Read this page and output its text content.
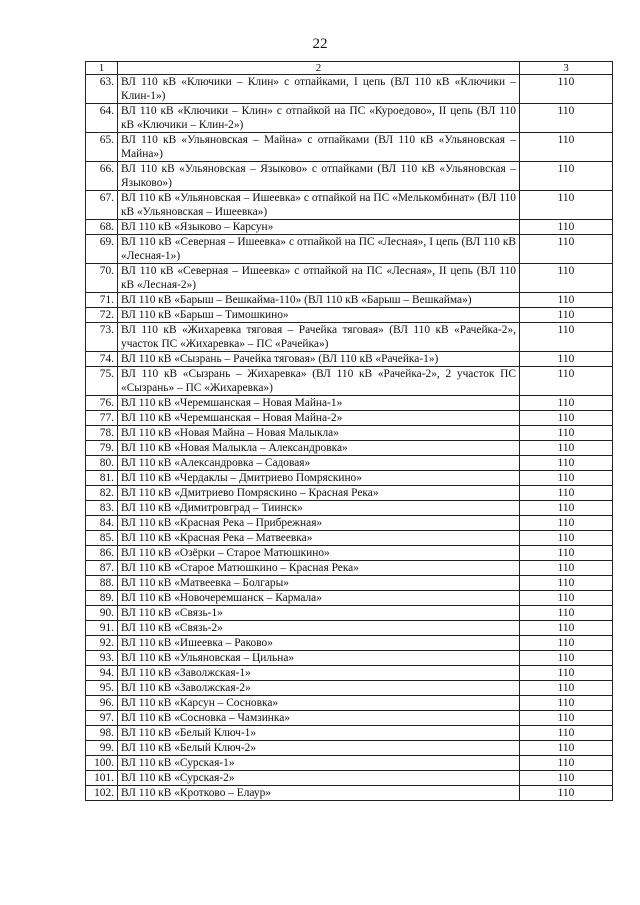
22
1	2	3
63.	ВЛ 110 кВ «Ключики – Клин» с отпайками, I цепь (ВЛ 110 кВ «Ключики – Клин-1»)	110
64.	ВЛ 110 кВ «Ключики – Клин» с отпайкой на ПС «Куроедово», II цепь (ВЛ 110 кВ «Ключики – Клин-2»)	110
65.	ВЛ 110 кВ «Ульяновская – Майна» с отпайками (ВЛ 110 кВ «Ульяновская – Майна»)	110
66.	ВЛ 110 кВ «Ульяновская – Языково» с отпайками (ВЛ 110 кВ «Ульяновская – Языково»)	110
67.	ВЛ 110 кВ «Ульяновская – Ишеевка» с отпайкой на ПС «Мелькомбинат» (ВЛ 110 кВ «Ульяновская – Ишеевка»)	110
68.	ВЛ 110 кВ «Языково – Карсун»	110
69.	ВЛ 110 кВ «Северная – Ишеевка» с отпайкой на ПС «Лесная», I цепь (ВЛ 110 кВ «Лесная-1»)	110
70.	ВЛ 110 кВ «Северная – Ишеевка» с отпайкой на ПС «Лесная», II цепь (ВЛ 110 кВ «Лесная-2»)	110
71.	ВЛ 110 кВ «Барыш – Вешкайма-110» (ВЛ 110 кВ «Барыш – Вешкайма»)	110
72.	ВЛ 110 кВ «Барыш – Тимошкино»	110
73.	ВЛ 110 кВ «Жихаревка тяговая – Рачейка тяговая» (ВЛ 110 кВ «Рачейка-2», участок ПС «Жихаревка» – ПС «Рачейка»)	110
74.	ВЛ 110 кВ «Сызрань – Рачейка тяговая» (ВЛ 110 кВ «Рачейка-1»)	110
75.	ВЛ 110 кВ «Сызрань – Жихаревка» (ВЛ 110 кВ «Рачейка-2», 2 участок ПС «Сызрань» – ПС «Жихаревка»)	110
76.	ВЛ 110 кВ «Черемшанская – Новая Майна-1»	110
77.	ВЛ 110 кВ «Черемшанская – Новая Майна-2»	110
78.	ВЛ 110 кВ «Новая Майна – Новая Малыкла»	110
79.	ВЛ 110 кВ «Новая Малыкла – Александровка»	110
80.	ВЛ 110 кВ «Александровка – Садовая»	110
81.	ВЛ 110 кВ «Чердаклы – Дмитриево Помряскино»	110
82.	ВЛ 110 кВ «Дмитриево Помряскино – Красная Река»	110
83.	ВЛ 110 кВ «Димитровград – Тиинск»	110
84.	ВЛ 110 кВ «Красная Река – Прибрежная»	110
85.	ВЛ 110 кВ «Красная Река – Матвеевка»	110
86.	ВЛ 110 кВ «Озёрки – Старое Матюшкино»	110
87.	ВЛ 110 кВ «Старое Матюшкино – Красная Река»	110
88.	ВЛ 110 кВ «Матвеевка – Болгары»	110
89.	ВЛ 110 кВ «Новочеремшанск – Кармала»	110
90.	ВЛ 110 кВ «Связь-1»	110
91.	ВЛ 110 кВ «Связь-2»	110
92.	ВЛ 110 кВ «Ишеевка – Раково»	110
93.	ВЛ 110 кВ «Ульяновская – Цильна»	110
94.	ВЛ 110 кВ «Заволжская-1»	110
95.	ВЛ 110 кВ «Заволжская-2»	110
96.	ВЛ 110 кВ «Карсун – Сосновка»	110
97.	ВЛ 110 кВ «Сосновка – Чамзинка»	110
98.	ВЛ 110 кВ «Белый Ключ-1»	110
99.	ВЛ 110 кВ «Белый Ключ-2»	110
100.	ВЛ 110 кВ «Сурская-1»	110
101.	ВЛ 110 кВ «Сурская-2»	110
102.	ВЛ 110 кВ «Кротково – Елаур»	110
